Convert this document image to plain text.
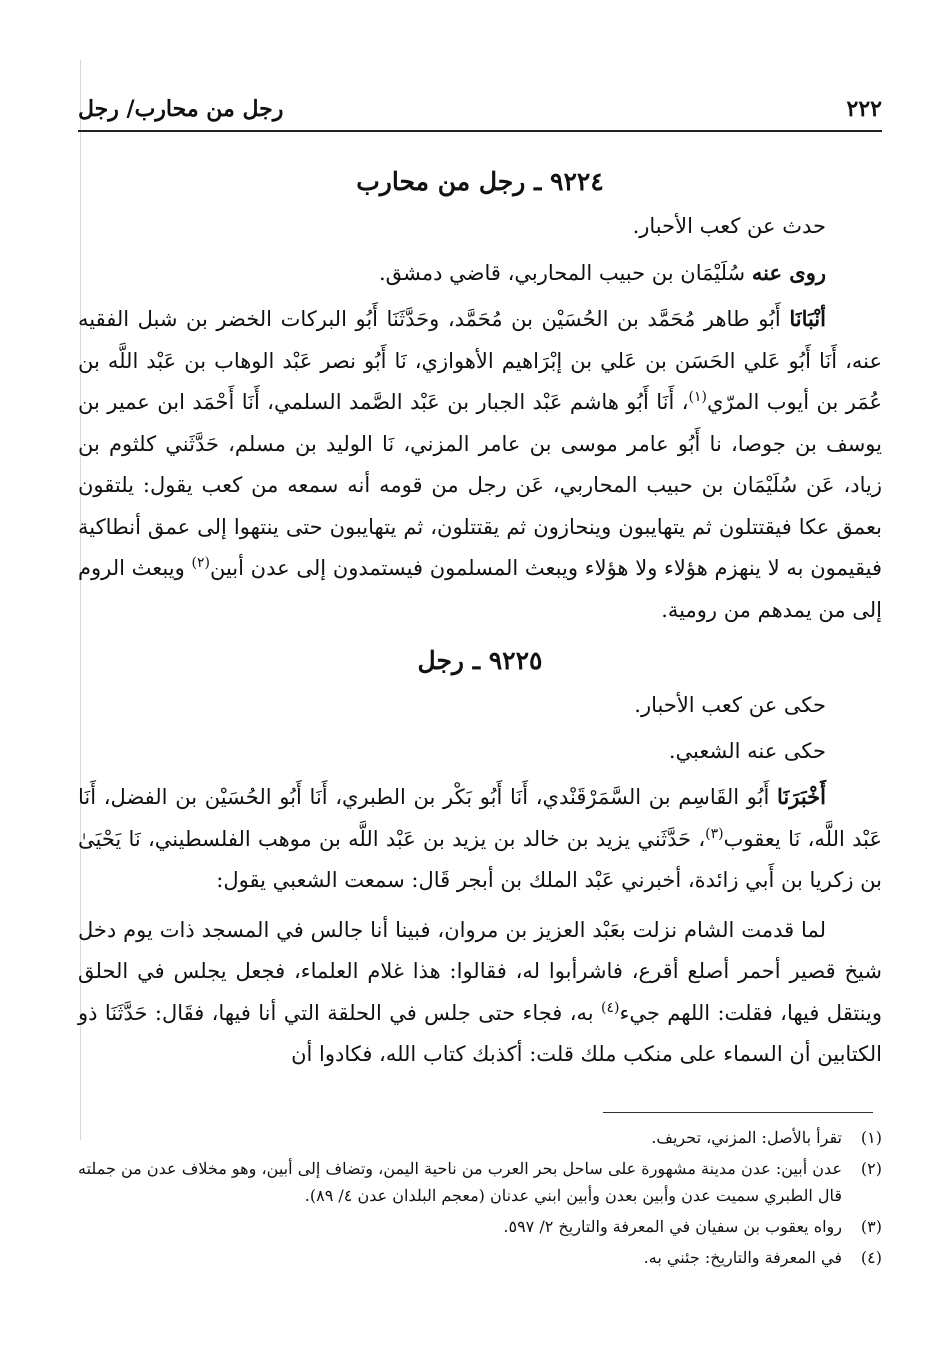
٢٢٢
رجل من محارب/ رجل
٩٢٢٤ ـ رجل من محارب

حدث عن كعب الأحبار.

روى عنه سُلَيْمَان بن حبيب المحاربي، قاضي دمشق.

أنْبَانَا أَبُو طاهر مُحَمَّد بن الحُسَيْن بن مُحَمَّد، وحَدَّثَنَا أَبُو البركات الخضر بن شبل الفقيه عنه، أَنَا أَبُو عَلي الحَسَن بن عَلي بن إبْرَاهيم الأهوازي، نَا أَبُو نصر عَبْد الوهاب بن عَبْد اللَّه بن عُمَر بن أيوب المرّي$^{(١)}$، أَنَا أَبُو هاشم عَبْد الجبار بن عَبْد الصَّمد السلمي، أَنَا أَحْمَد ابن عمير بن يوسف بن جوصا، نا أَبُو عامر موسى بن عامر المزني، نَا الوليد بن مسلم، حَدَّثَني كلثوم بن زياد، عَن سُلَيْمَان بن حبيب المحاربي، عَن رجل من قومه أنه سمعه من كعب يقول: يلتقون بعمق عكا فيقتتلون ثم يتهايبون وينحازون ثم يقتتلون، ثم يتهايبون حتى ينتهوا إلى عمق أنطاكية فيقيمون به لا ينهزم هؤلاء ولا هؤلاء ويبعث المسلمون فيستمدون إلى عدن أبين$^{(٢)}$ ويبعث الروم إلى من يمدهم من رومية.

٩٢٢٥ ـ رجل

حكى عن كعب الأحبار.

حكى عنه الشعبي.

أَخْبَرَنَا أَبُو القَاسِم بن السَّمَرْقَنْدي، أَنَا أَبُو بَكْر بن الطبري، أَنَا أَبُو الحُسَيْن بن الفضل، أَنَا عَبْد اللَّه، نَا يعقوب$^{(٣)}$، حَدَّثَني يزيد بن خالد بن يزيد بن عَبْد اللَّه بن موهب الفلسطيني، نَا يَحْيَىٰ بن زكريا بن أَبي زائدة، أخبرني عَبْد الملك بن أبجر قَال: سمعت الشعبي يقول:

لما قدمت الشام نزلت بعَبْد العزيز بن مروان، فبينا أنا جالس في المسجد ذات يوم دخل شيخ قصير أحمر أصلع أقرع، فاشرأبوا له، فقالوا: هذا غلام العلماء، فجعل يجلس في الحلق وينتقل فيها، فقلت: اللهم جيء$^{(٤)}$ به، فجاء حتى جلس في الحلقة التي أنا فيها، فقَال: حَدَّثَنَا ذو الكتابين أن السماء على منكب ملك قلت: أكذبك كتاب الله، فكادوا أن

(١)
تقرأ بالأصل: المزني، تحريف.
(٢)
عدن أبين: عدن مدينة مشهورة على ساحل بحر العرب من ناحية اليمن، وتضاف إلى أبين، وهو مخلاف عدن من جملته قال الطبري سميت عدن وأبين بعدن وأبين ابني عدنان (معجم البلدان عدن ٤/ ٨٩).
(٣)
رواه يعقوب بن سفيان في المعرفة والتاريخ ٢/ ٥٩٧.
(٤)
في المعرفة والتاريخ: جئني به.
